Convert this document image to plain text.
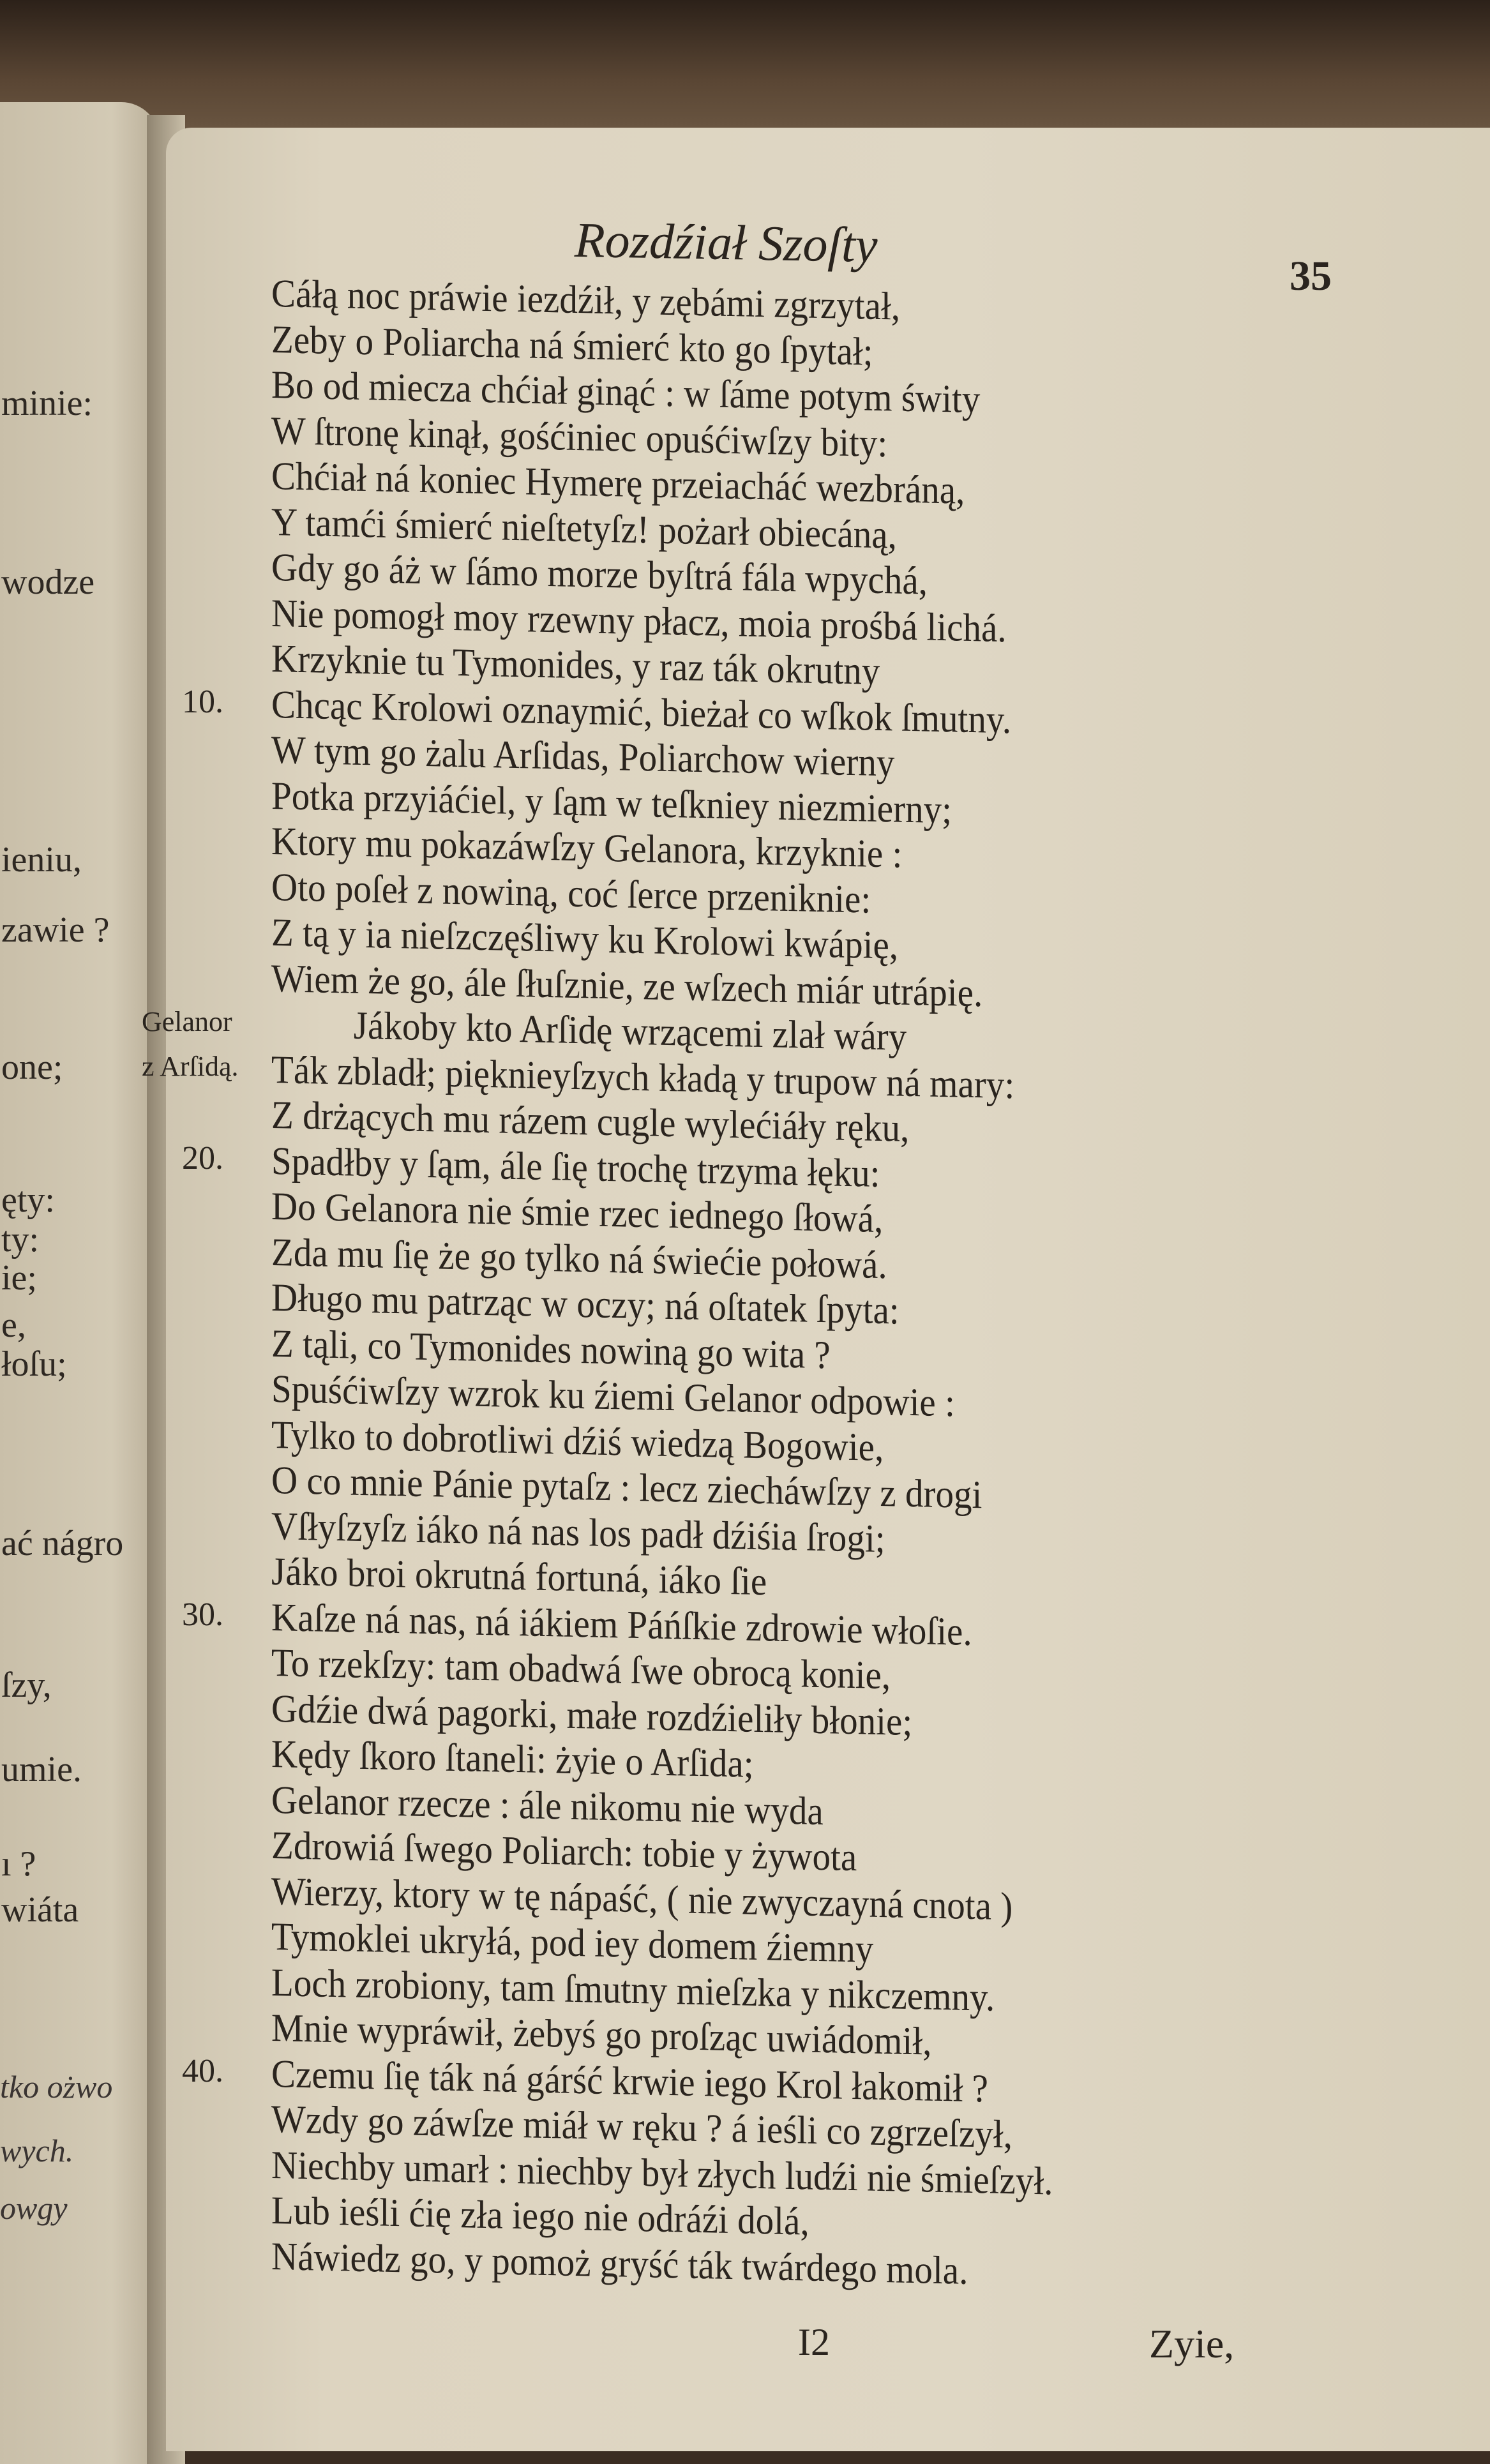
minie:
wodze
ieniu,
zawie ?
one;
ęty:
ty:
ie;
e,
łoſu;
ać nágro
ſzy,
umie.
ı ?
wiáta
tko ożwo
wych.
owgy
Rozdźiał Szoſty
35
10.
20.
30.
40.
Gelanor
z Arſidą.
Cáłą noc práwie iezdźił, y zębámi zgrzytał,
Zeby o Poliarcha ná śmierć kto go ſpytał;
Bo od miecza chćiał ginąć : w ſáme potym świty
W ſtronę kinął, gośćiniec opuśćiwſzy bity:
Chćiał ná koniec Hymerę przeiacháć wezbráną,
Y tamći śmierć nieſtetyſz! pożarł obiecáną,
Gdy go áż w ſámo morze byſtrá fála wpychá,
Nie pomogł moy rzewny płacz, moia prośbá lichá.
Krzyknie tu Tymonides, y raz ták okrutny
Chcąc Krolowi oznaymić, bieżał co wſkok ſmutny.
W tym go żalu Arſidas, Poliarchow wierny
Potka przyiáćiel, y ſąm w teſkniey niezmierny;
Ktory mu pokazáwſzy Gelanora, krzyknie :
Oto poſeł z nowiną, coć ſerce przeniknie:
Z tą y ia nieſzczęśliwy ku Krolowi kwápię,
Wiem że go, ále ſłuſznie, ze wſzech miár utrápię.
Jákoby kto Arſidę wrzącemi zlał wáry
Ták zbladł; pięknieyſzych kładą y trupow ná mary:
Z drżących mu rázem cugle wylećiáły ręku,
Spadłby y ſąm, ále ſię trochę trzyma łęku:
Do Gelanora nie śmie rzec iednego ſłowá,
Zda mu ſię że go tylko ná świećie połowá.
Długo mu patrząc w oczy; ná oſtatek ſpyta:
Z tąli, co Tymonides nowiną go wita ?
Spuśćiwſzy wzrok ku źiemi Gelanor odpowie :
Tylko to dobrotliwi dźiś wiedzą Bogowie,
O co mnie Pánie pytaſz : lecz ziecháwſzy z drogi
Vſłyſzyſz iáko ná nas los padł dźiśia ſrogi;
Jáko broi okrutná fortuná, iáko ſie
Kaſze ná nas, ná iákiem Páńſkie zdrowie włoſie.
To rzekſzy: tam obadwá ſwe obrocą konie,
Gdźie dwá pagorki, małe rozdźieliły błonie;
Kędy ſkoro ſtaneli: żyie o Arſida;
Gelanor rzecze : ále nikomu nie wyda
Zdrowiá ſwego Poliarch: tobie y żywota
Wierzy, ktory w tę nápaść, ( nie zwyczayná cnota )
Tymoklei ukryłá, pod iey domem źiemny
Loch zrobiony, tam ſmutny mieſzka y nikczemny.
Mnie wypráwił, żebyś go proſząc uwiádomił,
Czemu ſię ták ná gárść krwie iego Krol łakomił ?
Wzdy go záwſze miáł w ręku ? á ieśli co zgrzeſzył,
Niechby umarł : niechby był złych ludźi nie śmieſzył.
Lub ieśli ćię zła iego nie odráźi dolá,
Náwiedz go, y pomoż gryść ták twárdego mola.
I2	Zyie,
